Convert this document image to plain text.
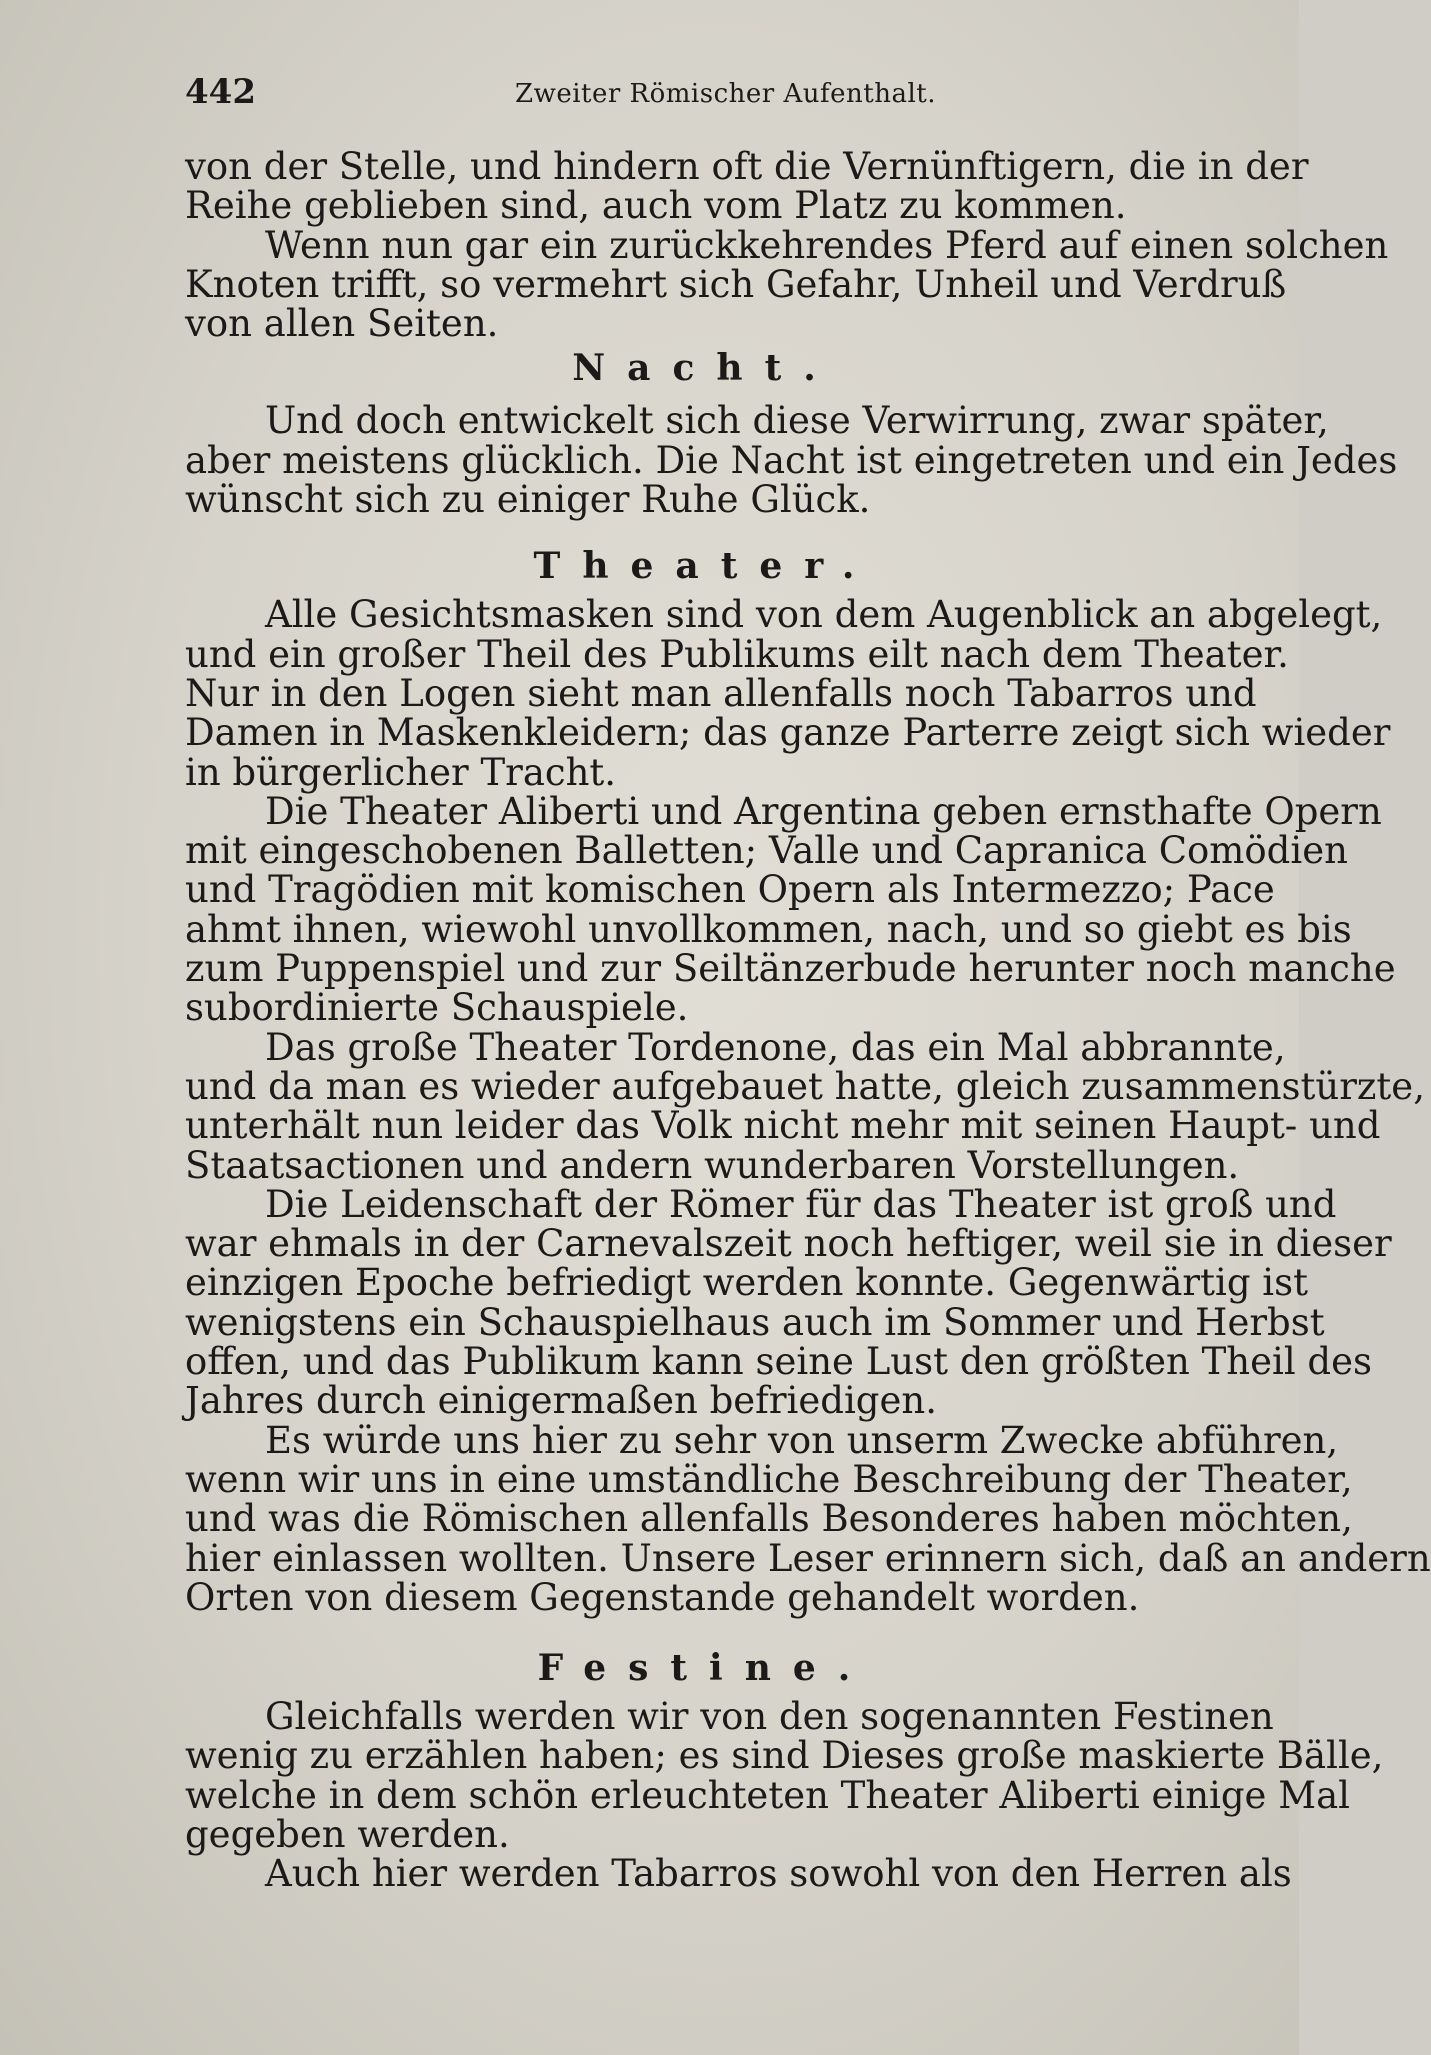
442	Zweiter Römischer Aufenthalt.
von der Stelle, und hindern oft die Vernünftigern, die in der
Reihe geblieben sind, auch vom Platz zu kommen.
Wenn nun gar ein zurückkehrendes Pferd auf einen solchen
Knoten trifft, so vermehrt sich Gefahr, Unheil und Verdruß
von allen Seiten.
Nacht.
Und doch entwickelt sich diese Verwirrung, zwar später,
aber meistens glücklich. Die Nacht ist eingetreten und ein Jedes
wünscht sich zu einiger Ruhe Glück.
Theater.
Alle Gesichtsmasken sind von dem Augenblick an abgelegt,
und ein großer Theil des Publikums eilt nach dem Theater.
Nur in den Logen sieht man allenfalls noch Tabarros und
Damen in Maskenkleidern; das ganze Parterre zeigt sich wieder
in bürgerlicher Tracht.
Die Theater Aliberti und Argentina geben ernsthafte Opern
mit eingeschobenen Balletten; Valle und Capranica Comödien
und Tragödien mit komischen Opern als Intermezzo; Pace
ahmt ihnen, wiewohl unvollkommen, nach, und so giebt es bis
zum Puppenspiel und zur Seiltänzerbude herunter noch manche
subordinierte Schauspiele.
Das große Theater Tordenone, das ein Mal abbrannte,
und da man es wieder aufgebauet hatte, gleich zusammenstürzte,
unterhält nun leider das Volk nicht mehr mit seinen Haupt- und
Staatsactionen und andern wunderbaren Vorstellungen.
Die Leidenschaft der Römer für das Theater ist groß und
war ehmals in der Carnevalszeit noch heftiger, weil sie in dieser
einzigen Epoche befriedigt werden konnte. Gegenwärtig ist
wenigstens ein Schauspielhaus auch im Sommer und Herbst
offen, und das Publikum kann seine Lust den größten Theil des
Jahres durch einigermaßen befriedigen.
Es würde uns hier zu sehr von unserm Zwecke abführen,
wenn wir uns in eine umständliche Beschreibung der Theater,
und was die Römischen allenfalls Besonderes haben möchten,
hier einlassen wollten. Unsere Leser erinnern sich, daß an andern
Orten von diesem Gegenstande gehandelt worden.
Festine.
Gleichfalls werden wir von den sogenannten Festinen
wenig zu erzählen haben; es sind Dieses große maskierte Bälle,
welche in dem schön erleuchteten Theater Aliberti einige Mal
gegeben werden.
Auch hier werden Tabarros sowohl von den Herren als
